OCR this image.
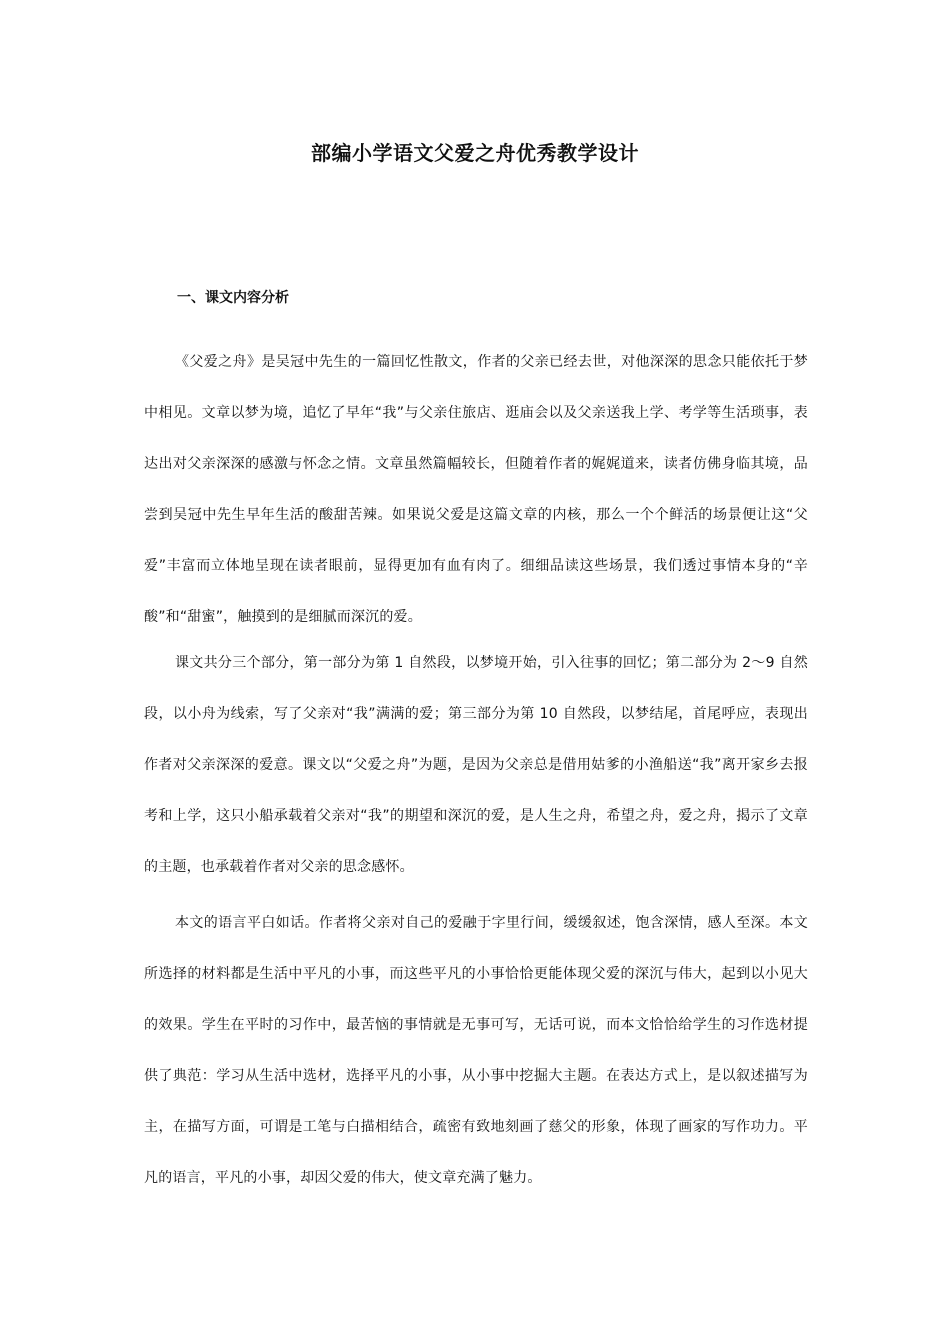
部编小学语文父爱之舟优秀教学设计
一、课文内容分析

《父爱之舟》是吴冠中先生的一篇回忆性散文，作者的父亲已经去世，对他深深的思念只能依托于梦中相见。文章以梦为境，追忆了早年“我”与父亲住旅店、逛庙会以及父亲送我上学、考学等生活琐事，表达出对父亲深深的感激与怀念之情。文章虽然篇幅较长，但随着作者的娓娓道来，读者仿佛身临其境，品尝到吴冠中先生早年生活的酸甜苦辣。如果说父爱是这篇文章的内核，那么一个个鲜活的场景便让这“父爱”丰富而立体地呈现在读者眼前，显得更加有血有肉了。细细品读这些场景，我们透过事情本身的“辛酸”和“甜蜜”，触摸到的是细腻而深沉的爱。

课文共分三个部分，第一部分为第 1 自然段，以梦境开始，引入往事的回忆；第二部分为 2～9 自然段，以小舟为线索，写了父亲对“我”满满的爱；第三部分为第 10 自然段，以梦结尾，首尾呼应，表现出作者对父亲深深的爱意。课文以“父爱之舟”为题，是因为父亲总是借用姑爹的小渔船送“我”离开家乡去报考和上学，这只小船承载着父亲对“我”的期望和深沉的爱，是人生之舟，希望之舟，爱之舟，揭示了文章的主题，也承载着作者对父亲的思念感怀。

本文的语言平白如话。作者将父亲对自己的爱融于字里行间，缓缓叙述，饱含深情，感人至深。本文所选择的材料都是生活中平凡的小事，而这些平凡的小事恰恰更能体现父爱的深沉与伟大，起到以小见大的效果。学生在平时的习作中，最苦恼的事情就是无事可写，无话可说，而本文恰恰给学生的习作选材提供了典范：学习从生活中选材，选择平凡的小事，从小事中挖掘大主题。在表达方式上，是以叙述描写为主，在描写方面，可谓是工笔与白描相结合，疏密有致地刻画了慈父的形象，体现了画家的写作功力。平凡的语言，平凡的小事，却因父爱的伟大，使文章充满了魅力。
